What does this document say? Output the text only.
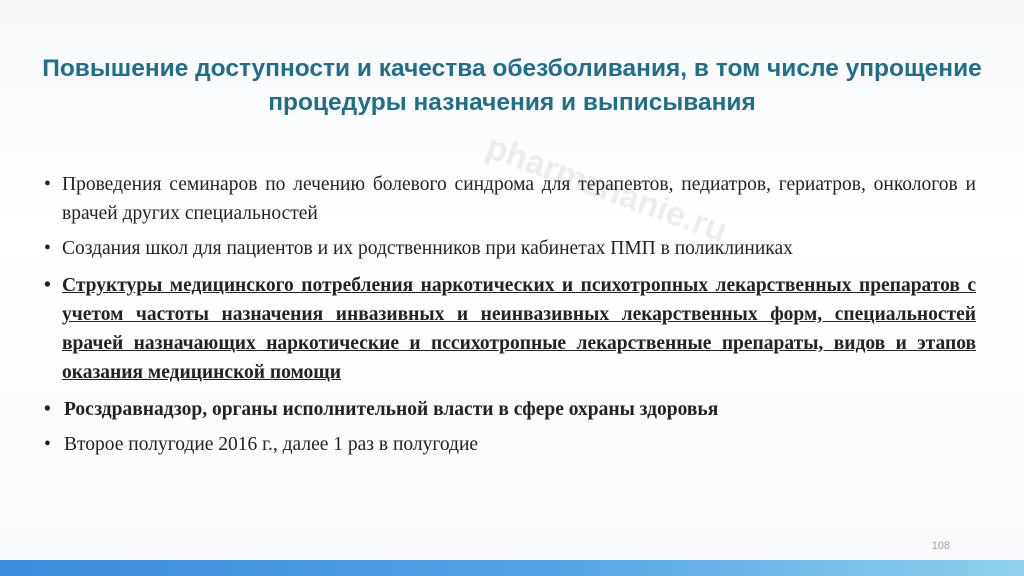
pharmznanie.ru
Повышение доступности и качества обезболивания, в том числе упрощение процедуры назначения и выписывания
• Проведения семинаров по лечению болевого синдрома для терапевтов, педиатров, гериатров, онкологов и врачей других специальностей
• Создания школ для пациентов и их родственников при кабинетах ПМП в поликлиниках
• Структуры медицинского потребления наркотических и психотропных лекарственных препаратов с учетом частоты назначения инвазивных и неинвазивных лекарственных форм, специальностей врачей назначающих наркотические и пссихотропные лекарственные препараты, видов и этапов оказания медицинской помощи
• Росздравнадзор, органы исполнительной власти в сфере охраны здоровья
• Второе полугодие 2016 г., далее 1 раз в полугодие
108
